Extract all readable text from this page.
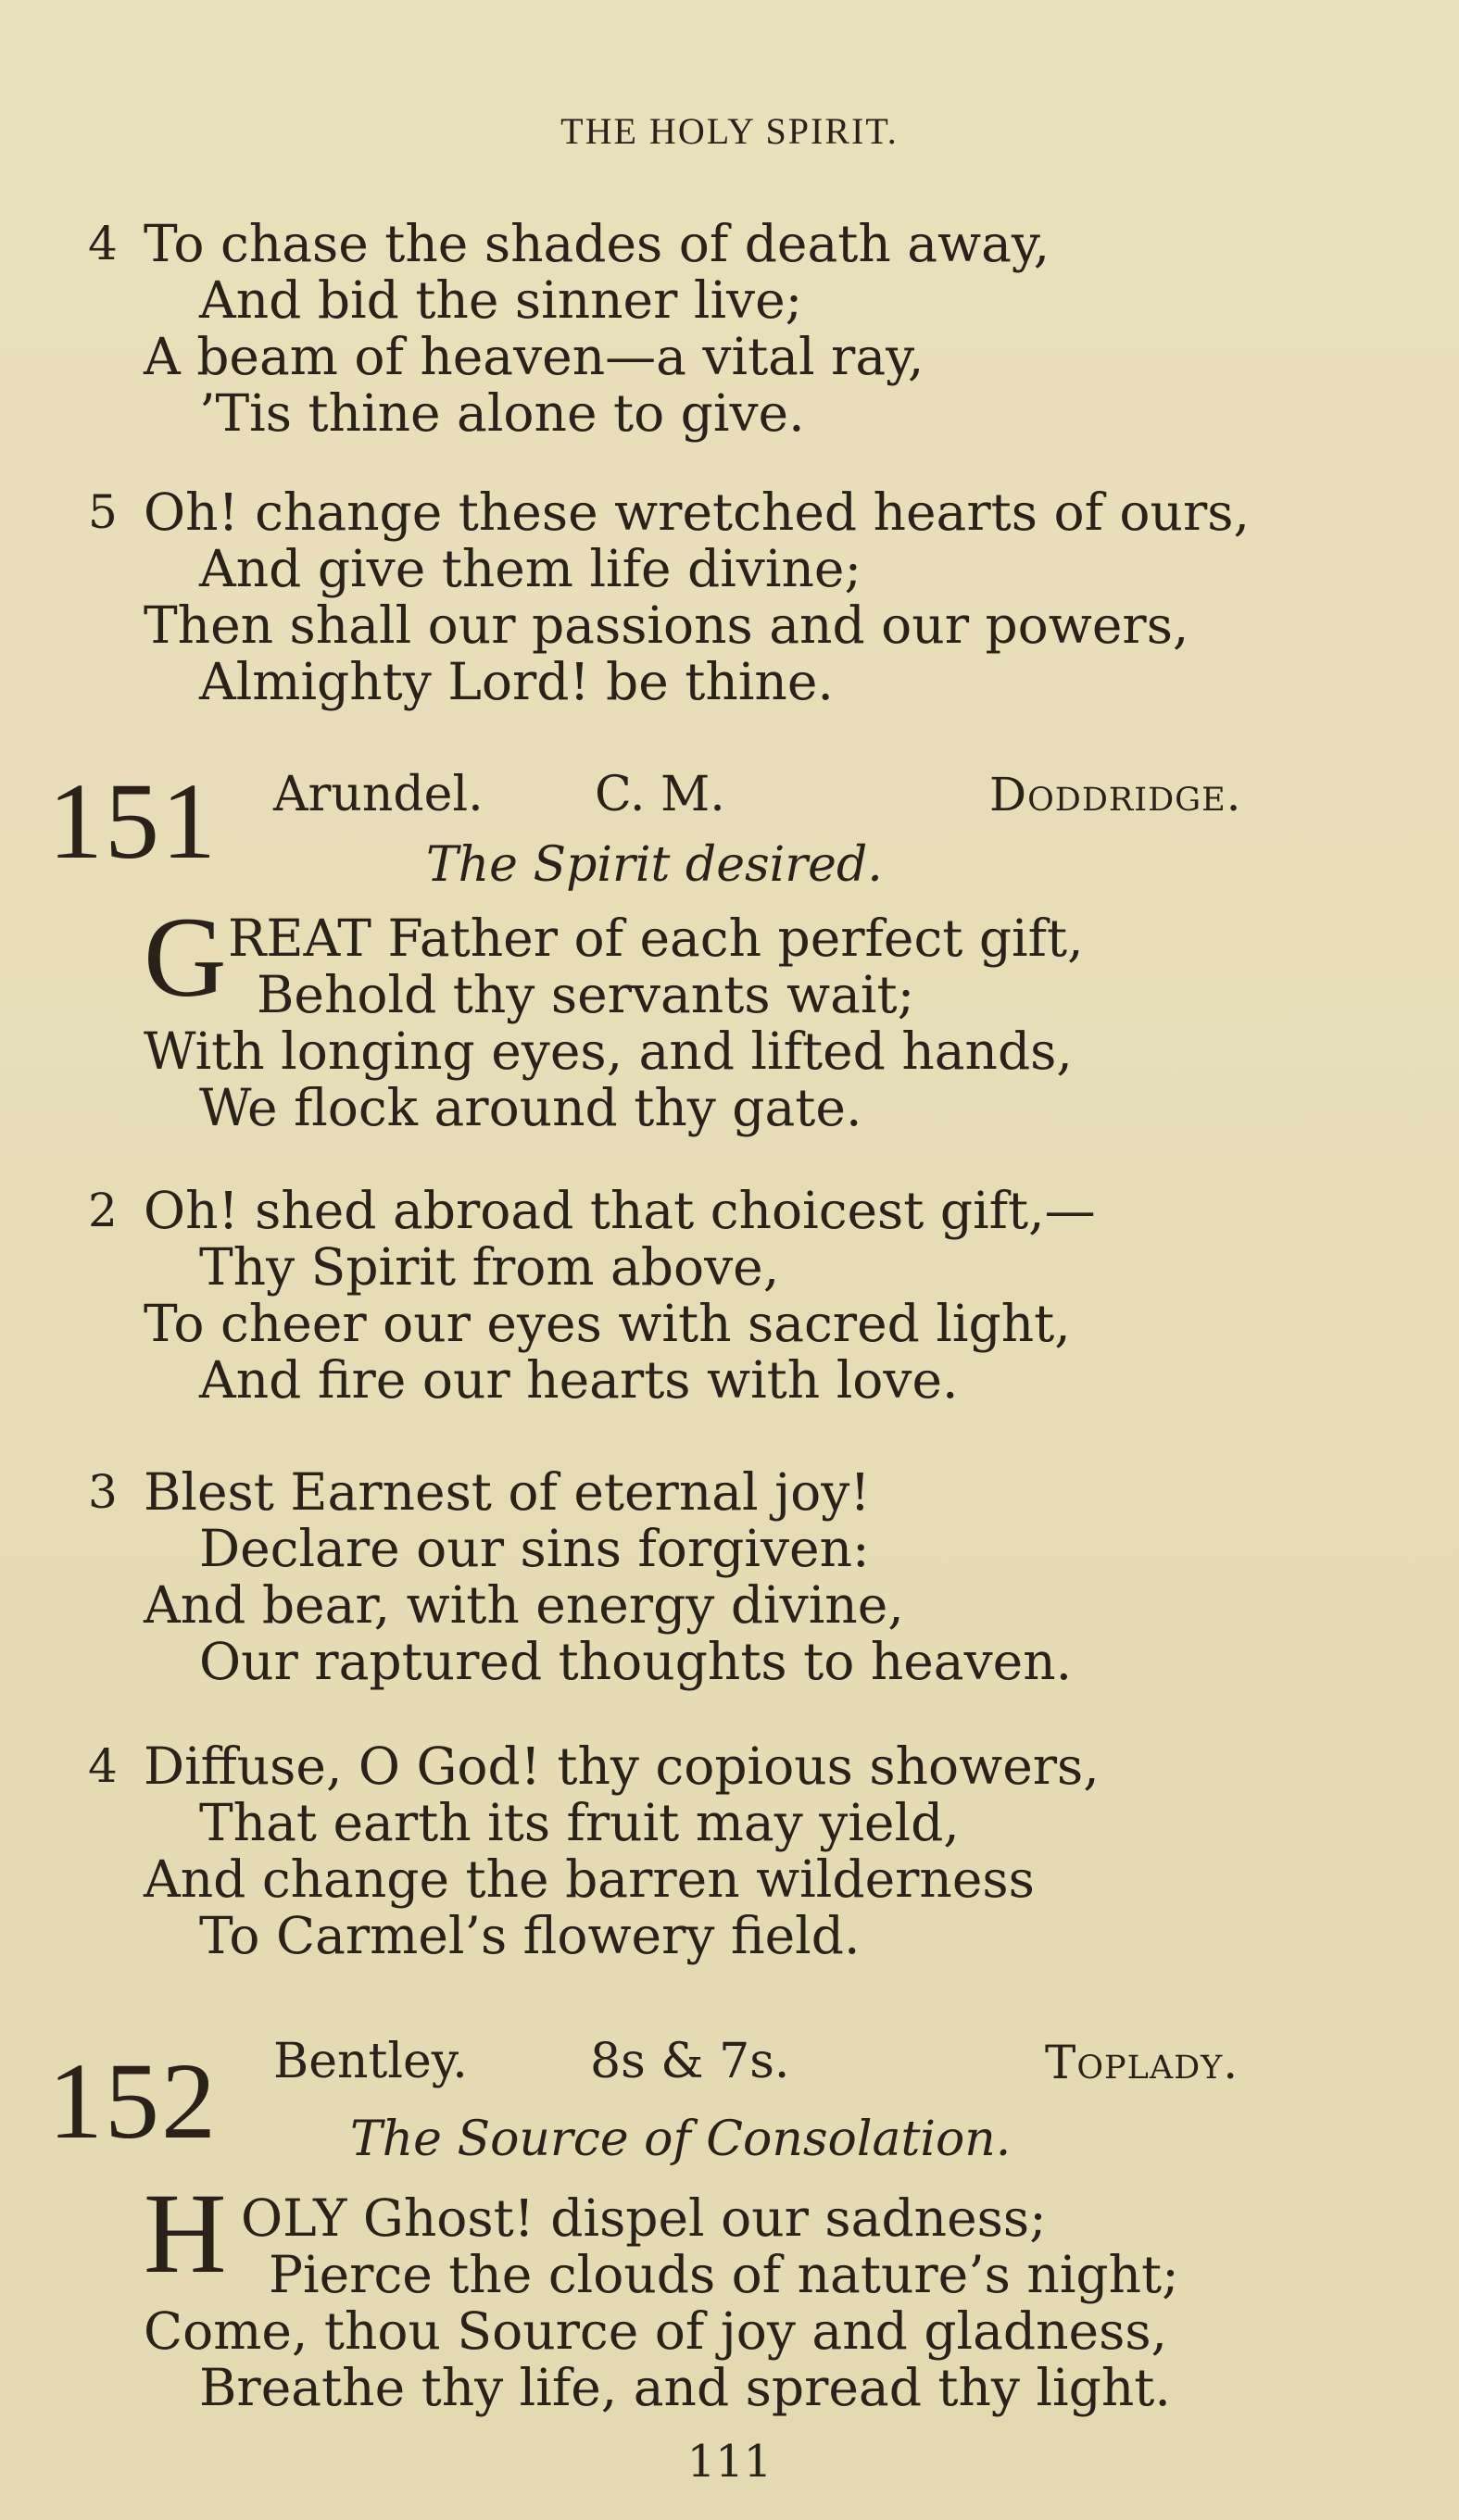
THE HOLY SPIRIT.
4 To chase the shades of death away,
And bid the sinner live;
A beam of heaven—a vital ray,
’Tis thine alone to give.
5 Oh! change these wretched hearts of ours,
And give them life divine;
Then shall our passions and our powers,
Almighty Lord! be thine.
151 Arundel. C. M.	Doddridge.
The Spirit desired.
G REAT Father of each perfect gift,
Behold thy servants wait;
With longing eyes, and lifted hands,
We flock around thy gate.
2 Oh! shed abroad that choicest gift,—
Thy Spirit from above,
To cheer our eyes with sacred light,
And fire our hearts with love.
3 Blest Earnest of eternal joy!
Declare our sins forgiven:
And bear, with energy divine,
Our raptured thoughts to heaven.
4 Diffuse, O God! thy copious showers,
That earth its fruit may yield,
And change the barren wilderness
To Carmel’s flowery field.
152 Bentley.	8s & 7s.	Toplady.
The Source of Consolation.
H OLY Ghost! dispel our sadness;
Pierce the clouds of nature’s night;
Come, thou Source of joy and gladness,
Breathe thy life, and spread thy light.
111
